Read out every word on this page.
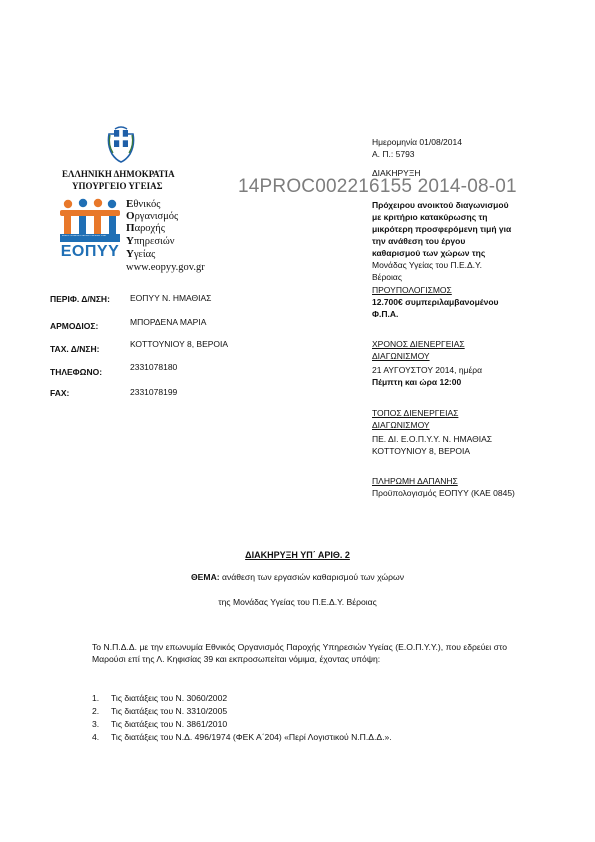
ΕΛΛΗΝΙΚΗ ΔΗΜΟΚΡΑΤΙΑ
ΥΠΟΥΡΓΕΙΟ ΥΓΕΙΑΣ
ΕΘΝΙΚΟΣ ΟΡΓΑΝΙΣΜΟΣ ΠΑΡΟΧΗΣ ΥΠΗΡΕΣΙΩΝ ΥΓΕΙΑΣ
ΕΟΠΥΥ
Εθνικός
Οργανισμός
Παροχής
Υπηρεσιών
Υγείας
www.eopyy.gov.gr
14PROC002216155 2014-08-01
ΠΕΡΙΦ. Δ/ΝΣΗ: ΕΟΠΥΥ Ν. ΗΜΑΘΙΑΣ
ΑΡΜΟΔΙΟΣ:	ΜΠΟΡΔΕΝΑ ΜΑΡΙΑ
ΤΑΧ. Δ/ΝΣΗ:	ΚΟΤΤΟΥΝΙΟΥ 8, ΒΕΡΟΙΑ
ΤΗΛΕΦΩΝΟ:	2331078180
FAX:	2331078199
Ημερομηνία 01/08/2014
Α. Π.: 5793
ΔΙΑΚΗΡΥΞΗ
Πρόχειρου ανοικτού διαγωνισμού
με κριτήριο κατακύρωσης τη
μικρότερη προσφερόμενη τιμή για
την ανάθεση του έργου
καθαρισμού των χώρων της
Μονάδας Υγείας του Π.Ε.Δ.Υ.
Βέροιας
ΠΡΟΥΠΟΛΟΓΙΣΜΟΣ
12.700€ συμπεριλαμβανομένου
Φ.Π.Α.
ΧΡΟΝΟΣ ΔΙΕΝΕΡΓΕΙΑΣ
ΔΙΑΓΩΝΙΣΜΟΥ
21 ΑΥΓΟΥΣΤΟΥ 2014, ημέρα
Πέμπτη και ώρα 12:00
ΤΟΠΟΣ ΔΙΕΝΕΡΓΕΙΑΣ
ΔΙΑΓΩΝΙΣΜΟΥ
ΠΕ. ΔΙ. Ε.Ο.Π.Υ.Υ. Ν. ΗΜΑΘΙΑΣ
ΚΟΤΤΟΥΝΙΟΥ 8, ΒΕΡΟΙΑ
ΠΛΗΡΩΜΗ ΔΑΠΑΝΗΣ
Προϋπολογισμός ΕΟΠΥΥ (ΚΑΕ 0845)
ΔΙΑΚΗΡΥΞΗ ΥΠ΄ ΑΡΙΘ. 2
ΘΕΜΑ: ανάθεση των εργασιών καθαρισμού των χώρων
της Μονάδας Υγείας του Π.Ε.Δ.Υ. Βέροιας
Το Ν.Π.Δ.Δ. με την επωνυμία Εθνικός Οργανισμός Παροχής Υπηρεσιών Υγείας (Ε.Ο.Π.Υ.Υ.), που εδρεύει στο Μαρούσι επί της Λ. Κηφισίας 39 και εκπροσωπείται νόμιμα, έχοντας υπόψη:
1. Τις διατάξεις του Ν. 3060/2002
2. Τις διατάξεις του Ν. 3310/2005
3. Τις διατάξεις του Ν. 3861/2010
4. Τις διατάξεις του Ν.Δ. 496/1974 (ΦΕΚ Α΄204) «Περί Λογιστικού Ν.Π.Δ.Δ.».
